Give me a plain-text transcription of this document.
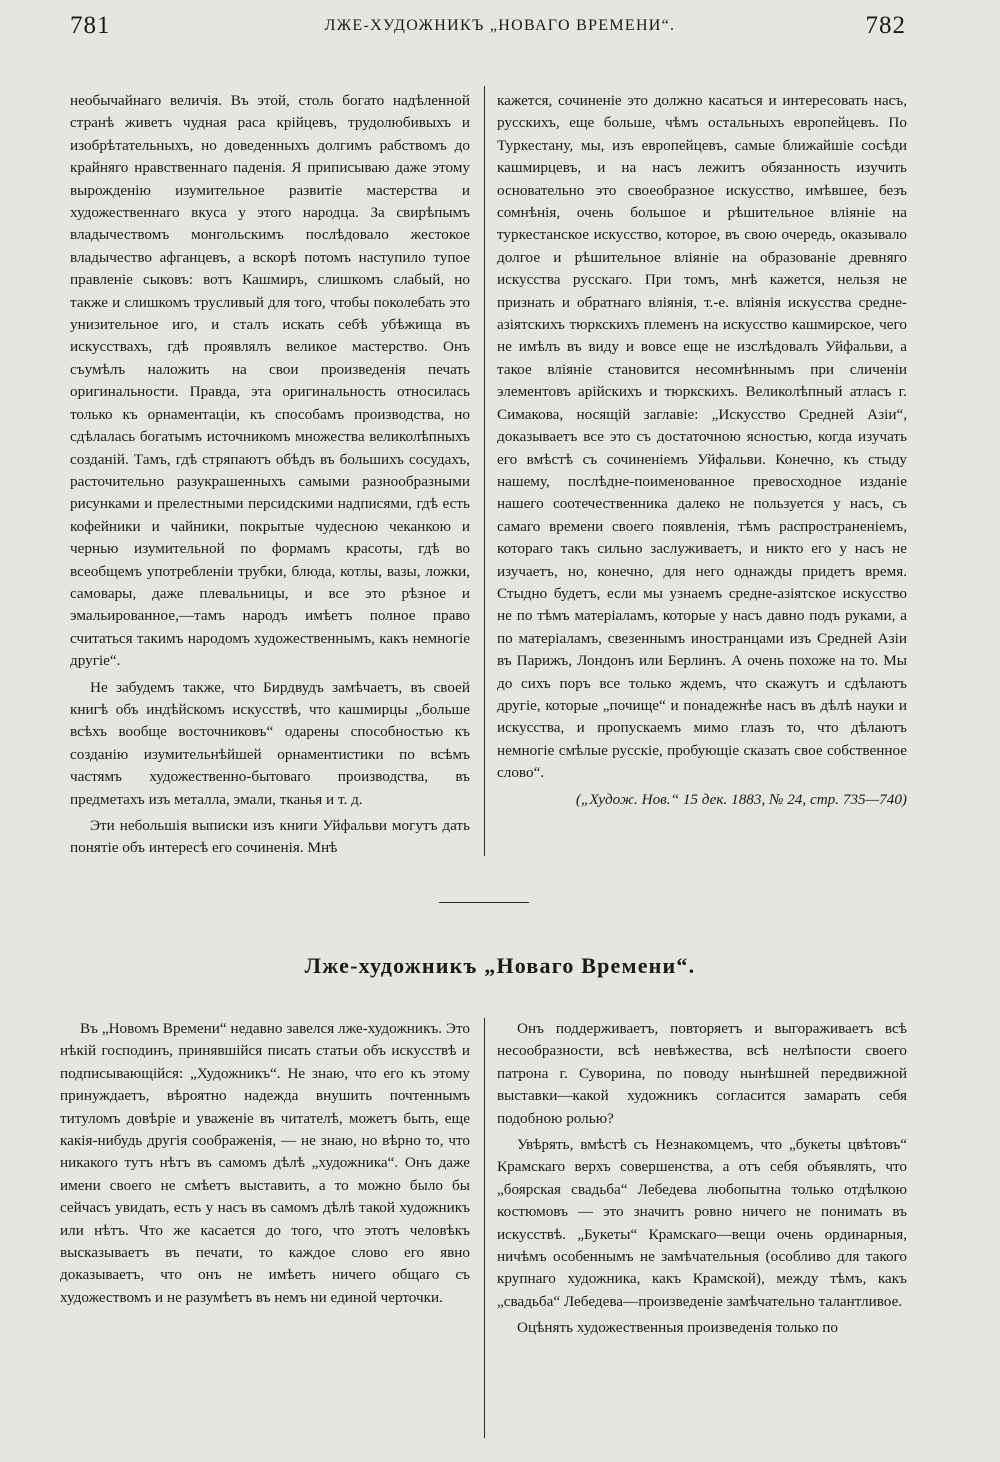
781	ЛЖЕ-ХУДОЖНИКЪ „НОВАГО ВРЕМЕНИ“.	782

необычайнаго величія. Въ этой, столь богато надѣленной странѣ живетъ чудная раса крійцевъ, трудолюбивыхъ и изобрѣтательныхъ, но доведенныхъ долгимъ рабствомъ до крайняго нравственнаго паденія. Я приписываю даже этому вырожденію изумительное развитіе мастерства и художественнаго вкуса у этого народца. За свирѣпымъ владычествомъ монгольскимъ послѣдовало жестокое владычество афганцевъ, а вскорѣ потомъ наступило тупое правленіе сыковъ: вотъ Кашмиръ, слишкомъ слабый, но также и слишкомъ трусливый для того, чтобы поколебать это унизительное иго, и сталъ искать себѣ убѣжища въ искусствахъ, гдѣ проявлялъ великое мастерство. Онъ съумѣлъ наложить на свои произведенія печать оригинальности. Правда, эта оригинальность относилась только къ орнаментаціи, къ способамъ производства, но сдѣлалась богатымъ источникомъ множества великолѣпныхъ созданій. Тамъ, гдѣ стряпаютъ обѣдъ въ большихъ сосудахъ, расточительно разукрашенныхъ самыми разнообразными рисунками и прелестными персидскими надписями, гдѣ есть кофейники и чайники, покрытые чудесною чеканкою и чернью изумительной по формамъ красоты, гдѣ во всеобщемъ употребленіи трубки, блюда, котлы, вазы, ложки, самовары, даже плевальницы, и все это рѣзное и эмальированное,—тамъ народъ имѣетъ полное право считаться такимъ народомъ художественнымъ, какъ немногіе другіе“.

Не забудемъ также, что Бирдвудъ замѣчаетъ, въ своей книгѣ объ индѣйскомъ искусствѣ, что кашмирцы „больше всѣхъ вообще восточниковъ“ одарены способностью къ созданію изумительнѣйшей орнаментистики по всѣмъ частямъ художественно-бытоваго производства, въ предметахъ изъ металла, эмали, тканья и т. д.

Эти небольшія выписки изъ книги Уйфальви могутъ дать понятіе объ интересѣ его сочиненія. Мнѣ

кажется, сочиненіе это должно касаться и интересовать насъ, русскихъ, еще больше, чѣмъ остальныхъ европейцевъ. По Туркестану, мы, изъ европейцевъ, самые ближайшіе сосѣди кашмирцевъ, и на насъ лежитъ обязанность изучить основательно это своеобразное искусство, имѣвшее, безъ сомнѣнія, очень большое и рѣшительное вліяніе на туркестанское искусство, которое, въ свою очередь, оказывало долгое и рѣшительное вліяніе на образованіе древняго искусства русскаго. При томъ, мнѣ кажется, нельзя не признать и обратнаго вліянія, т.-е. вліянія искусства средне-азіятскихъ тюркскихъ племенъ на искусство кашмирское, чего не имѣлъ въ виду и вовсе еще не изслѣдовалъ Уйфальви, а такое вліяніе становится несомнѣннымъ при сличеніи элементовъ арійскихъ и тюркскихъ. Великолѣпный атласъ г. Симакова, носящій заглавіе: „Искусство Средней Азіи“, доказываетъ все это съ достаточною ясностью, когда изучать его вмѣстѣ съ сочиненіемъ Уйфальви. Конечно, къ стыду нашему, послѣдне-поименованное превосходное изданіе нашего соотечественника далеко не пользуется у насъ, съ самаго времени своего появленія, тѣмъ распространеніемъ, котораго такъ сильно заслуживаетъ, и никто его у насъ не изучаетъ, но, конечно, для него однажды придетъ время. Стыдно будетъ, если мы узнаемъ средне-азіятское искусство не по тѣмъ матеріаламъ, которые у насъ давно подъ руками, а по матеріаламъ, свезеннымъ иностранцами изъ Средней Азіи въ Парижъ, Лондонъ или Берлинъ. А очень похоже на то. Мы до сихъ поръ все только ждемъ, что скажутъ и сдѣлаютъ другіе, которые „почище“ и понадежнѣе насъ въ дѣлѣ науки и искусства, и пропускаемъ мимо глазъ то, что дѣлаютъ немногіе смѣлые русскіе, пробующіе сказать свое собственное слово“.

(„Худож. Нов.“ 15 дек. 1883, № 24, стр. 735—740)

Лже-художникъ „Новаго Времени“.

Въ „Новомъ Времени“ недавно завелся лже-художникъ. Это нѣкій господинъ, принявшійся писать статьи объ искусствѣ и подписывающійся: „Художникъ“. Не знаю, что его къ этому принуждаетъ, вѣроятно надежда внушить почтеннымъ титуломъ довѣріе и уваженіе въ читателѣ, можетъ быть, еще какія-нибудь другія соображенія, — не знаю, но вѣрно то, что никакого тутъ нѣтъ въ самомъ дѣлѣ „художника“. Онъ даже имени своего не смѣетъ выставить, а то можно было бы сейчасъ увидать, есть у насъ въ самомъ дѣлѣ такой художникъ или нѣтъ. Что же касается до того, что этотъ человѣкъ высказываетъ въ печати, то каждое слово его явно доказываетъ, что онъ не имѣетъ ничего общаго съ художествомъ и не разумѣетъ въ немъ ни единой черточки.

Онъ поддерживаетъ, повторяетъ и выгораживаетъ всѣ несообразности, всѣ невѣжества, всѣ нелѣпости своего патрона г. Суворина, по поводу нынѣшней передвижной выставки—какой художникъ согласится замарать себя подобною ролью?

Увѣрять, вмѣстѣ съ Незнакомцемъ, что „букеты цвѣтовъ“ Крамскаго верхъ совершенства, а отъ себя объявлять, что „боярская свадьба“ Лебедева любопытна только отдѣлкою костюмовъ — это значитъ ровно ничего не понимать въ искусствѣ. „Букеты“ Крамскаго—вещи очень ординарныя, ничѣмъ особеннымъ не замѣчательныя (особливо для такого крупнаго художника, какъ Крамской), между тѣмъ, какъ „свадьба“ Лебедева—произведеніе замѣчательно талантливое.

Оцѣнять художественныя произведенія только по
